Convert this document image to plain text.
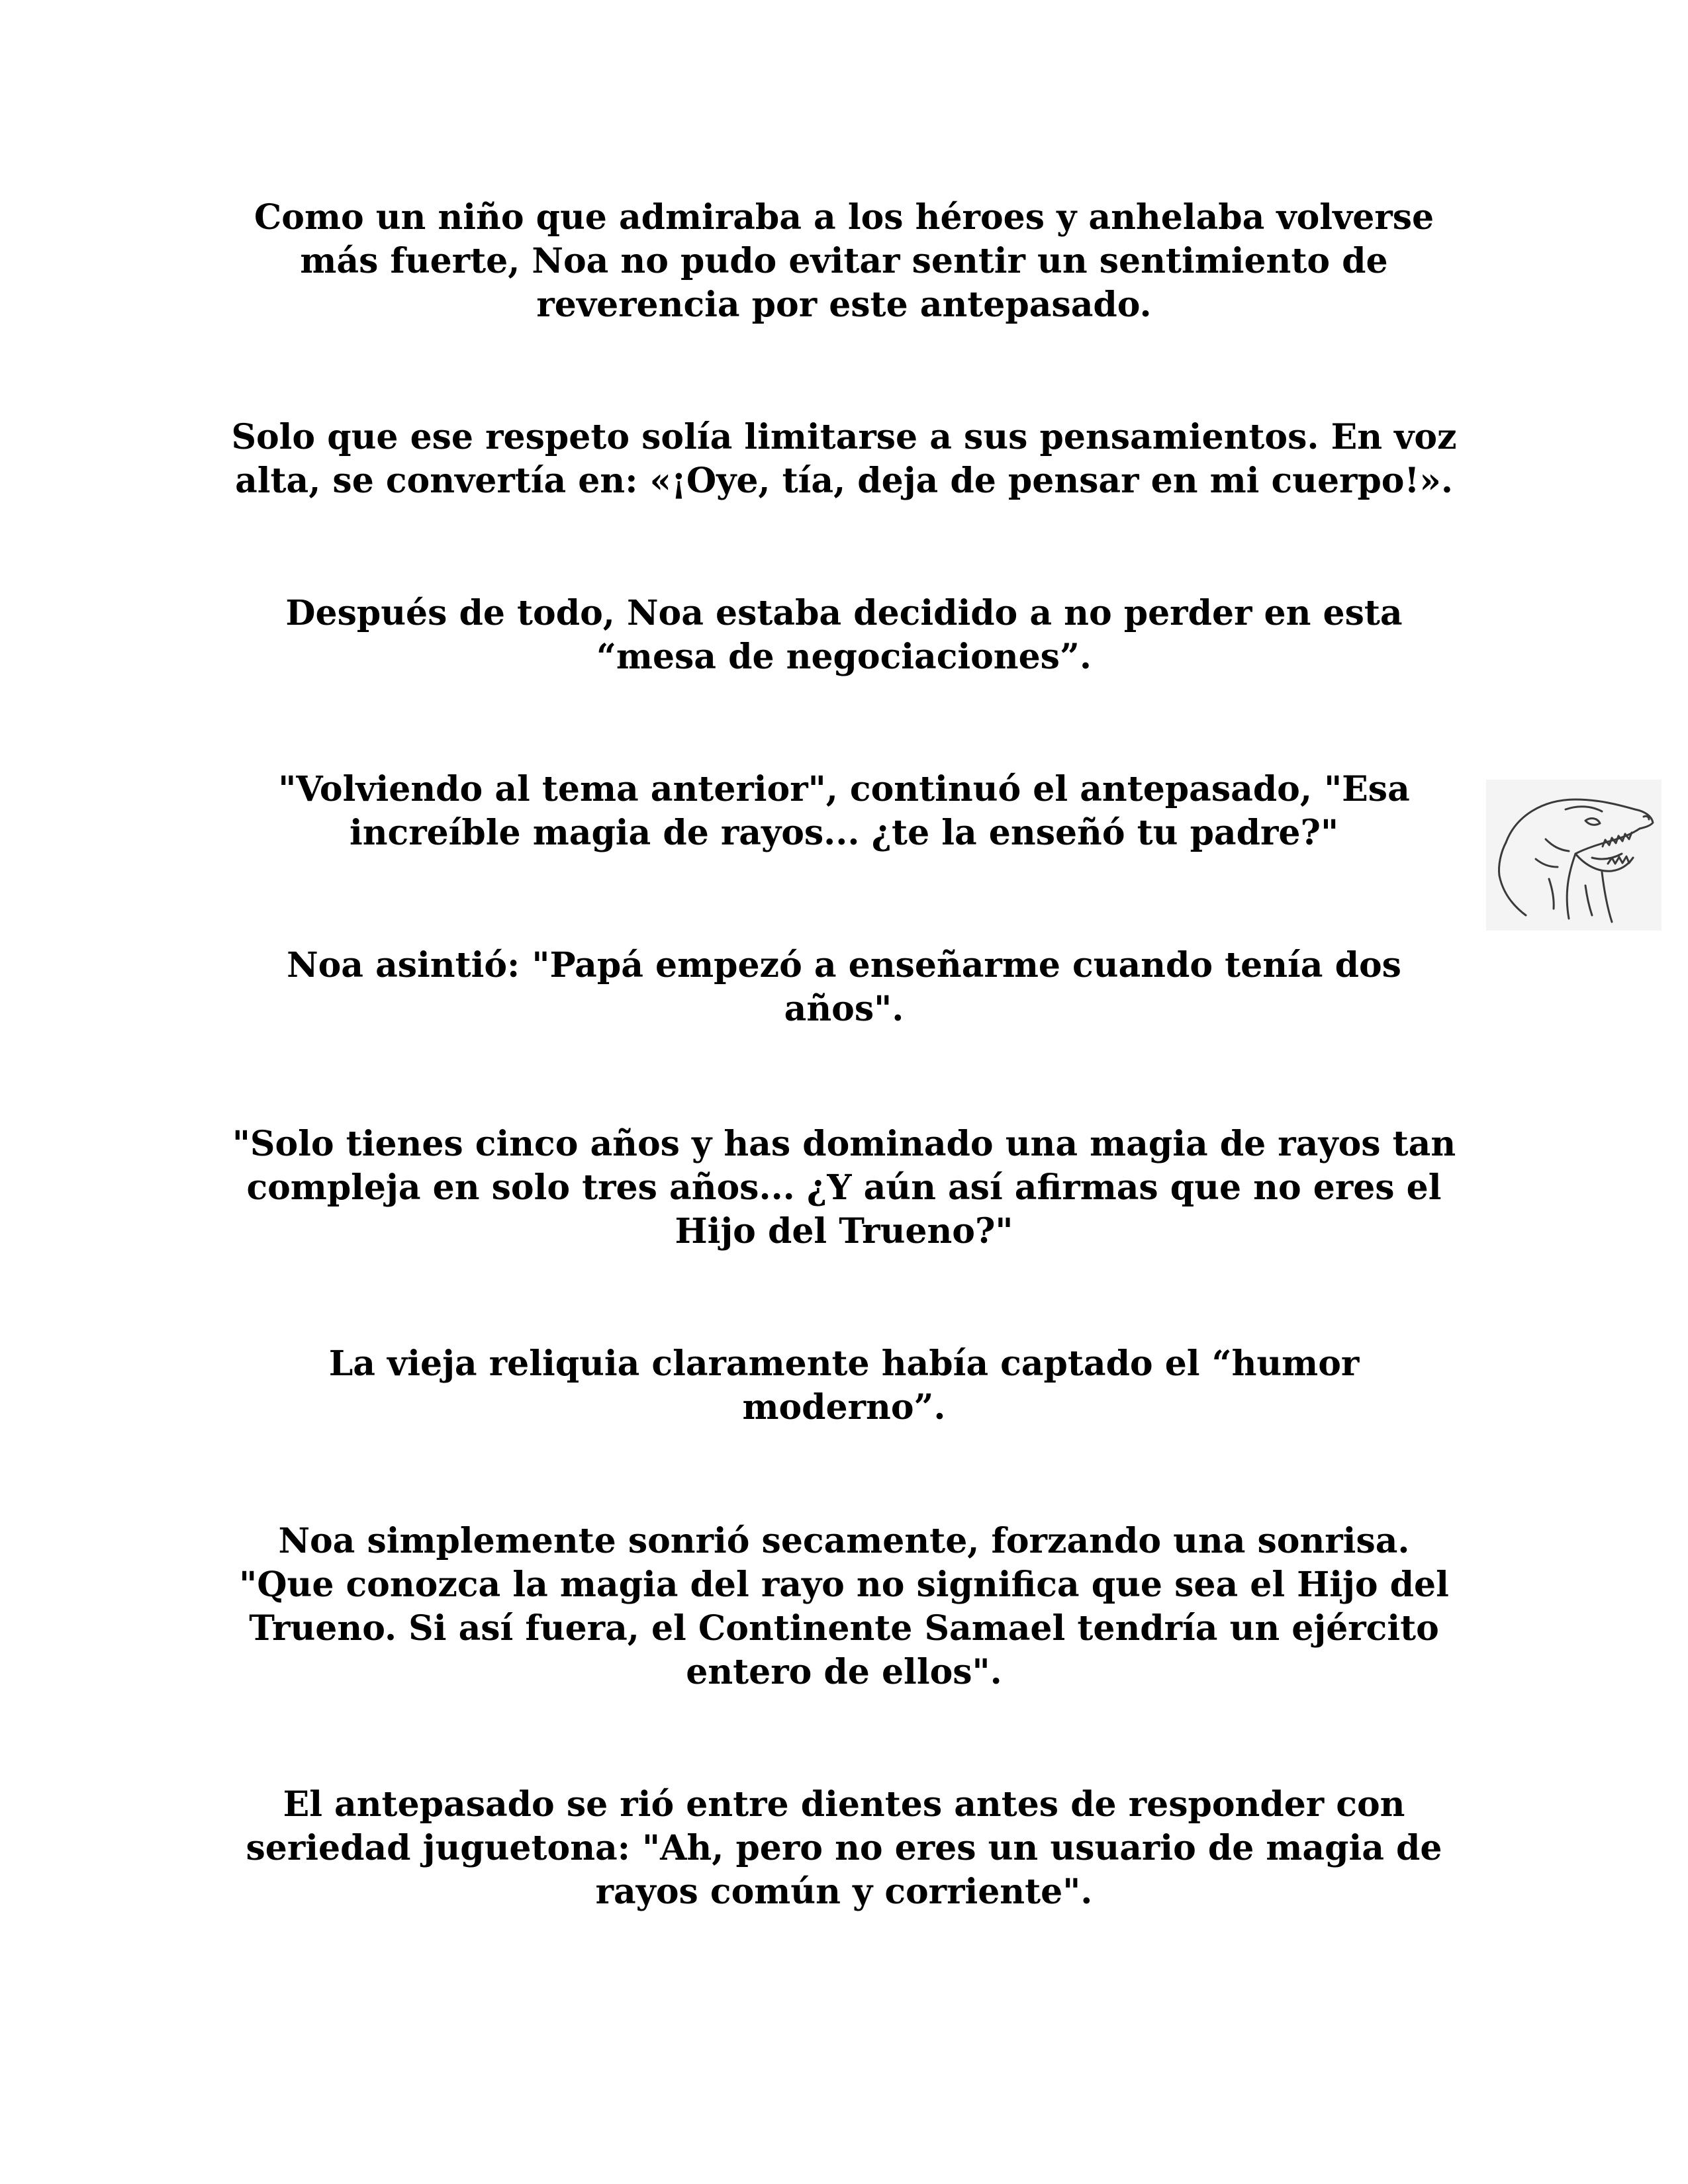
Como un niño que admiraba a los héroes y anhelaba volverse
más fuerte, Noa no pudo evitar sentir un sentimiento de
reverencia por este antepasado.

Solo que ese respeto solía limitarse a sus pensamientos. En voz
alta, se convertía en: «¡Oye, tía, deja de pensar en mi cuerpo!».

Después de todo, Noa estaba decidido a no perder en esta
“mesa de negociaciones”.

"Volviendo al tema anterior", continuó el antepasado, "Esa
increíble magia de rayos... ¿te la enseñó tu padre?"

Noa asintió: "Papá empezó a enseñarme cuando tenía dos
años".

"Solo tienes cinco años y has dominado una magia de rayos tan
compleja en solo tres años... ¿Y aún así afirmas que no eres el
Hijo del Trueno?"

La vieja reliquia claramente había captado el “humor
moderno”.

Noa simplemente sonrió secamente, forzando una sonrisa.
"Que conozca la magia del rayo no significa que sea el Hijo del
Trueno. Si así fuera, el Continente Samael tendría un ejército
entero de ellos".

El antepasado se rió entre dientes antes de responder con
seriedad juguetona: "Ah, pero no eres un usuario de magia de
rayos común y corriente".
